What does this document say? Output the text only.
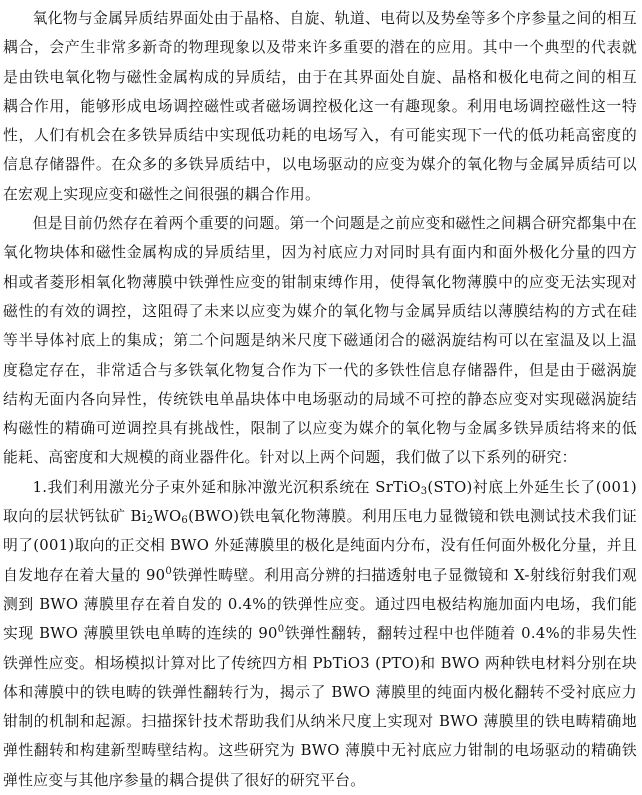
氧化物与金属异质结界面处由于晶格、自旋、轨道、电荷以及势垒等多个序参量之间的相互耦合，会产生非常多新奇的物理现象以及带来许多重要的潜在的应用。其中一个典型的代表就是由铁电氧化物与磁性金属构成的异质结，由于在其界面处自旋、晶格和极化电荷之间的相互耦合作用，能够形成电场调控磁性或者磁场调控极化这一有趣现象。利用电场调控磁性这一特性，人们有机会在多铁异质结中实现低功耗的电场写入，有可能实现下一代的低功耗高密度的信息存储器件。在众多的多铁异质结中，以电场驱动的应变为媒介的氧化物与金属异质结可以在宏观上实现应变和磁性之间很强的耦合作用。

但是目前仍然存在着两个重要的问题。第一个问题是之前应变和磁性之间耦合研究都集中在氧化物块体和磁性金属构成的异质结里，因为衬底应力对同时具有面内和面外极化分量的四方相或者菱形相氧化物薄膜中铁弹性应变的钳制束缚作用，使得氧化物薄膜中的应变无法实现对磁性的有效的调控，这阻碍了未来以应变为媒介的氧化物与金属异质结以薄膜结构的方式在硅等半导体衬底上的集成；第二个问题是纳米尺度下磁通闭合的磁涡旋结构可以在室温及以上温度稳定存在，非常适合与多铁氧化物复合作为下一代的多铁性信息存储器件，但是由于磁涡旋结构无面内各向异性，传统铁电单晶块体中电场驱动的局域不可控的静态应变对实现磁涡旋结构磁性的精确可逆调控具有挑战性，限制了以应变为媒介的氧化物与金属多铁异质结将来的低能耗、高密度和大规模的商业器件化。针对以上两个问题，我们做了以下系列的研究：

1.我们利用激光分子束外延和脉冲激光沉积系统在 SrTiO$_3$(STO)衬底上外延生长了(001)取向的层状钙钛矿 $Bi_2WO_6(BWO)$铁电氧化物薄膜。利用压电力显微镜和铁电测试技术我们证明了(001)取向的正交相 BWO 外延薄膜里的极化是纯面内分布，没有任何面外极化分量，并且自发地存在着大量的 $90^0$铁弹性畴壁。利用高分辨的扫描透射电子显微镜和 X-射线衍射我们观测到 BWO 薄膜里存在着自发的 0.4%的铁弹性应变。通过四电极结构施加面内电场，我们能实现 BWO 薄膜里铁电单畴的连续的 $90^0$铁弹性翻转，翻转过程中也伴随着 0.4%的非易失性铁弹性应变。相场模拟计算对比了传统四方相 PbTiO3 (PTO)和 BWO 两种铁电材料分别在块体和薄膜中的铁电畴的铁弹性翻转行为，揭示了 BWO 薄膜里的纯面内极化翻转不受衬底应力钳制的机制和起源。扫描探针技术帮助我们从纳米尺度上实现对 BWO 薄膜里的铁电畴精确地弹性翻转和构建新型畴壁结构。这些研究为 BWO 薄膜中无衬底应力钳制的电场驱动的精确铁弹性应变与其他序参量的耦合提供了很好的研究平台。
